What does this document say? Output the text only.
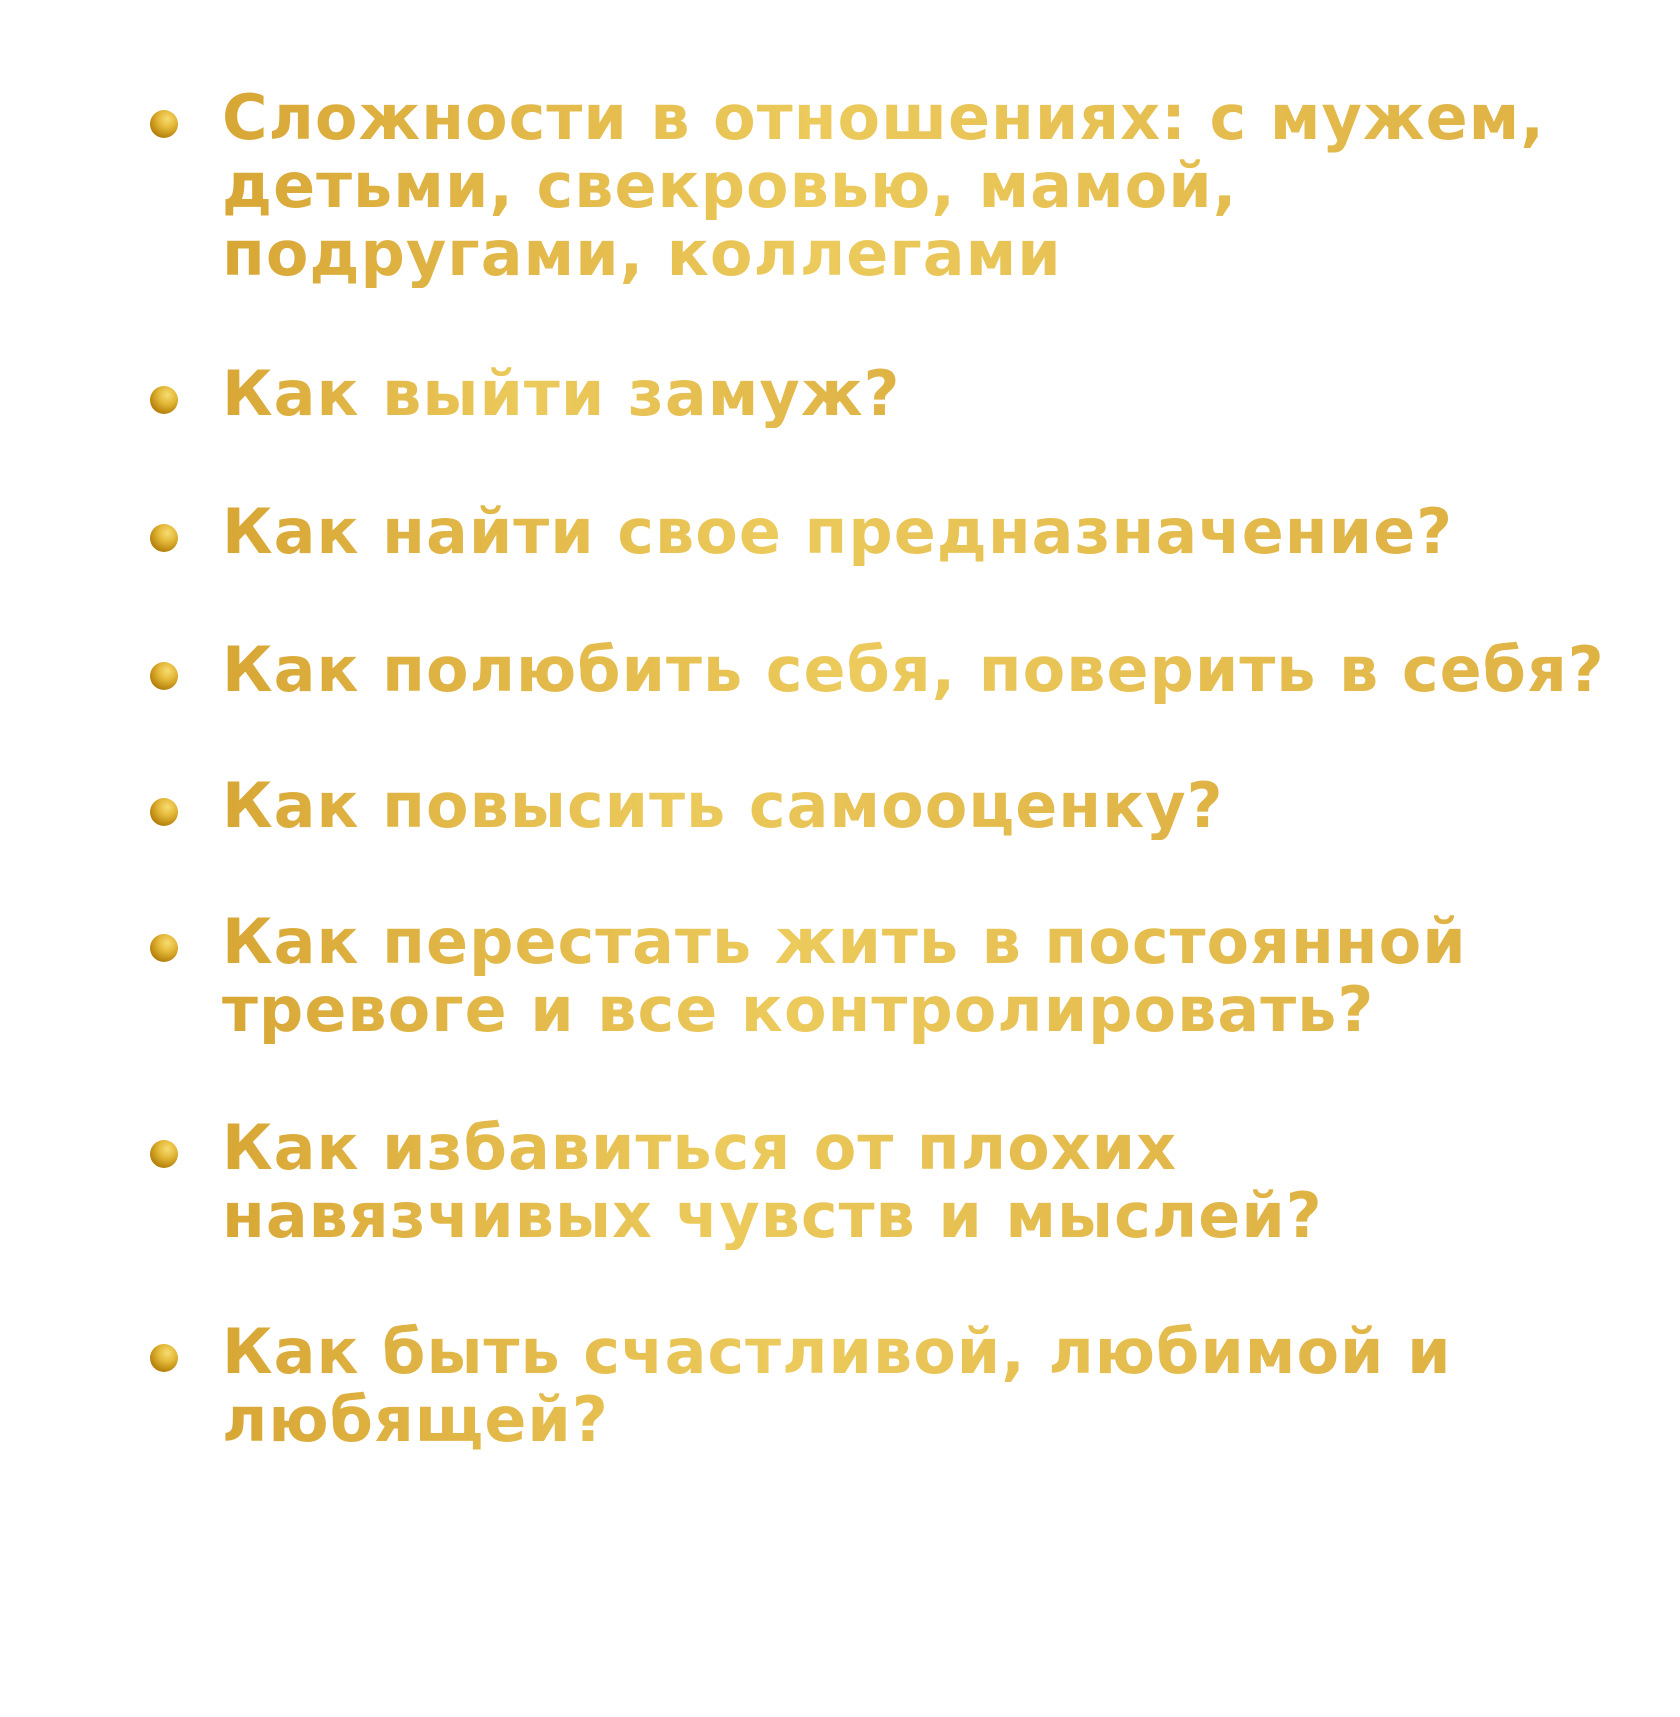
Сложности в отношениях: с мужем,
детьми, свекровью, мамой,
подругами, коллегами
Как выйти замуж?
Как найти свое предназначение?
Как полюбить себя, поверить в себя?
Как повысить самооценку?
Как перестать жить в постоянной
тревоге и все контролировать?
Как избавиться от плохих
навязчивых чувств и мыслей?
Как быть счастливой, любимой и
любящей?
